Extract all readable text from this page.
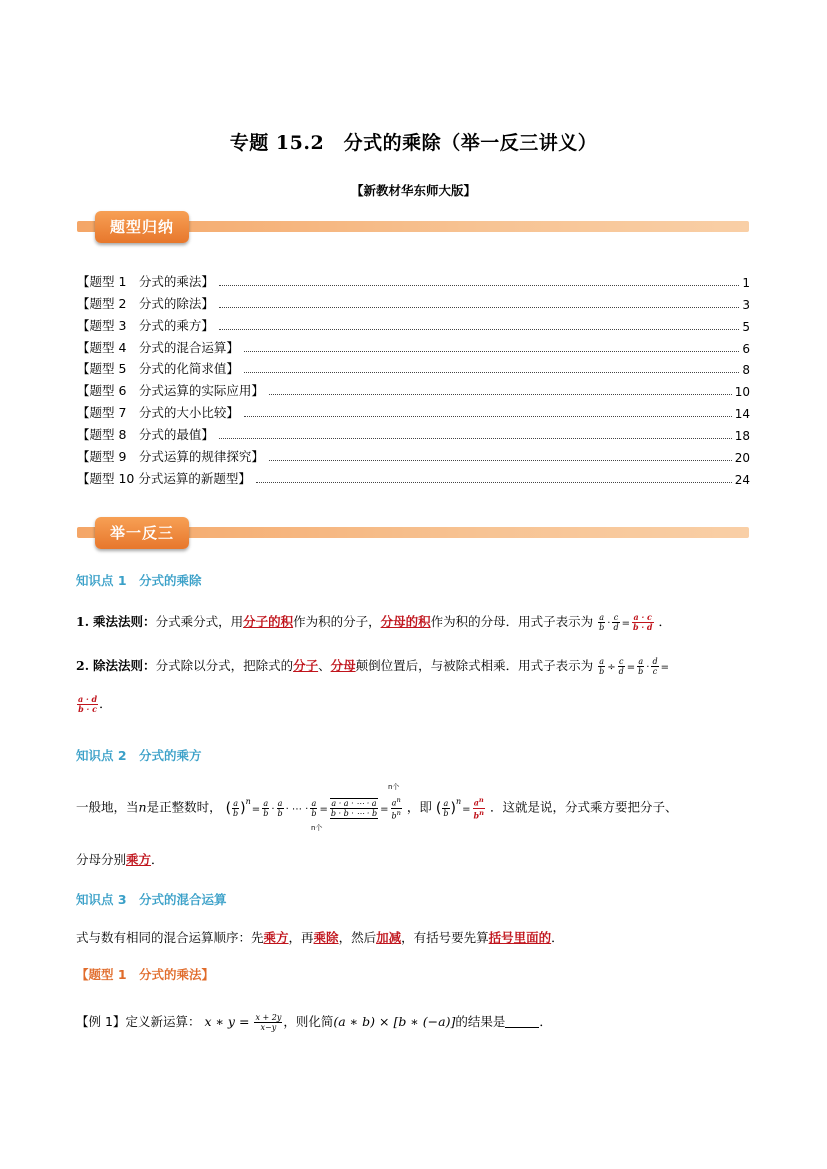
专题 15.2　分式的乘除（举一反三讲义）
【新教材华东师大版】
题型归纳
【题型 1　分式的乘法】	1
【题型 2　分式的除法】	3
【题型 3　分式的乘方】	5
【题型 4　分式的混合运算】	6
【题型 5　分式的化简求值】	8
【题型 6　分式运算的实际应用】	10
【题型 7　分式的大小比较】	14
【题型 8　分式的最值】	18
【题型 9　分式运算的规律探究】	20
【题型 10 分式运算的新题型】	24
举一反三
知识点 1　分式的乘除
1. 乘法法则：分式乘分式，用分子的积作为积的分子，分母的积作为积的分母．用式子表示为 $\frac{a}{b} \cdot \frac{c}{d} = \frac{a \cdot c}{b \cdot d}$ ．
2. 除法法则：分式除以分式，把除式的分子、分母颠倒位置后，与被除式相乘．用式子表示为 $\frac{a}{b} \div \frac{c}{d} = \frac{a}{b} \cdot \frac{d}{c}$ =
$\frac{a \cdot d}{b \cdot c}$ ．
知识点 2　分式的乘方
一般地，当n是正整数时， ( $\frac{a}{b} )^n= \frac{a}{b} \cdot \frac{a}{b}$ · ⋯ · $\frac{a}{b} = \frac{a \cdot a \cdot \cdots \cdot a}{b \cdot b \cdot \cdots \cdot b} = \frac{a^n}{b^n}$ ，即 ( $\frac{a}{b} )^n= \frac{a^n}{b^n}$ ．这就是说，分式乘方要把分子、
n个
n个
分母分别乘方．
知识点 3　分式的混合运算
式与数有相同的混合运算顺序：先乘方，再乘除，然后加减，有括号要先算括号里面的．
【题型 1　分式的乘法】
【例 1】定义新运算： x ∗ $y = \frac{x + 2y}{x-y}$ ，则化简(a ∗ b) × [b ∗ (−a)]的结果是	．
